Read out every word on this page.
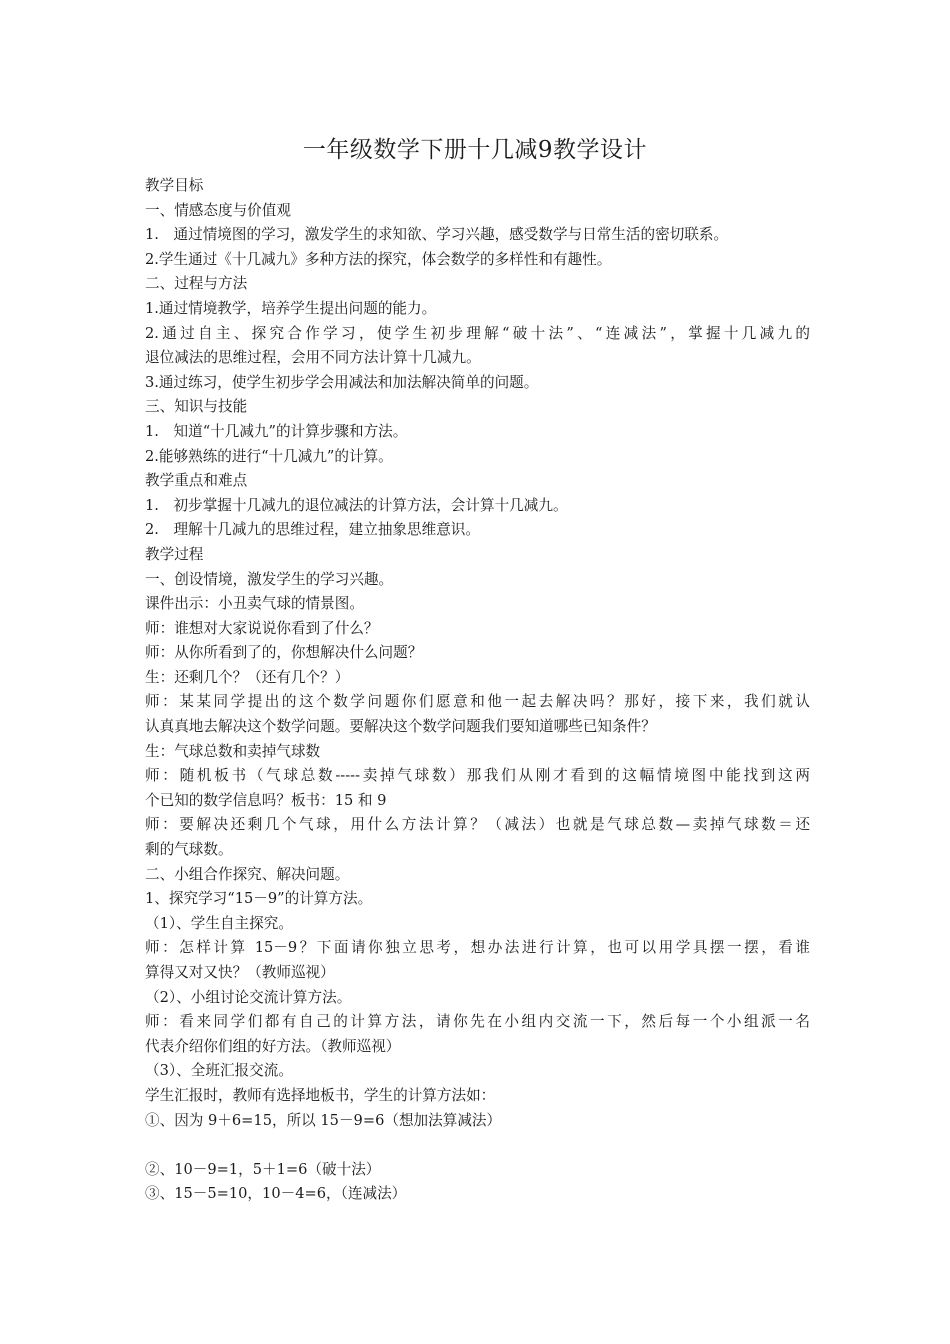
一年级数学下册十几减9教学设计
教学目标
一、情感态度与价值观
1.　通过情境图的学习，激发学生的求知欲、学习兴趣，感受数学与日常生活的密切联系。
2.学生通过《十几减九》多种方法的探究，体会数学的多样性和有趣性。
二、过程与方法
1.通过情境教学，培养学生提出问题的能力。
2.通过自主、探究合作学习，使学生初步理解“破十法”、“连减法”，掌握十几减九的
退位减法的思维过程，会用不同方法计算十几减九。
3.通过练习，使学生初步学会用减法和加法解决简单的问题。
三、知识与技能
1.　知道“十几减九”的计算步骤和方法。
2.能够熟练的进行“十几减九”的计算。
教学重点和难点
1.　初步掌握十几减九的退位减法的计算方法，会计算十几减九。
2.　理解十几减九的思维过程，建立抽象思维意识。
教学过程
一、创设情境，激发学生的学习兴趣。
课件出示：小丑卖气球的情景图。
师：谁想对大家说说你看到了什么？
师：从你所看到了的，你想解决什么问题？
生：还剩几个？（还有几个？）
师：某某同学提出的这个数学问题你们愿意和他一起去解决吗？那好，接下来，我们就认
认真真地去解决这个数学问题。要解决这个数学问题我们要知道哪些已知条件？
生：气球总数和卖掉气球数
师：随机板书（气球总数-----卖掉气球数）那我们从刚才看到的这幅情境图中能找到这两
个已知的数学信息吗？板书：15 和 9
师：要解决还剩几个气球，用什么方法计算？（减法）也就是气球总数—卖掉气球数＝还
剩的气球数。
二、小组合作探究、解决问题。
1、探究学习“15－9”的计算方法。
（1）、学生自主探究。
师：怎样计算 15－9？下面请你独立思考，想办法进行计算，也可以用学具摆一摆，看谁
算得又对又快？（教师巡视）
（2）、小组讨论交流计算方法。
师：看来同学们都有自己的计算方法，请你先在小组内交流一下，然后每一个小组派一名
代表介绍你们组的好方法。（教师巡视）
（3）、全班汇报交流。
学生汇报时，教师有选择地板书，学生的计算方法如：
①、因为 9＋6=15，所以 15－9=6（想加法算减法）
②、10－9=1，5＋1=6（破十法）
③、15－5=10，10－4=6，（连减法）
